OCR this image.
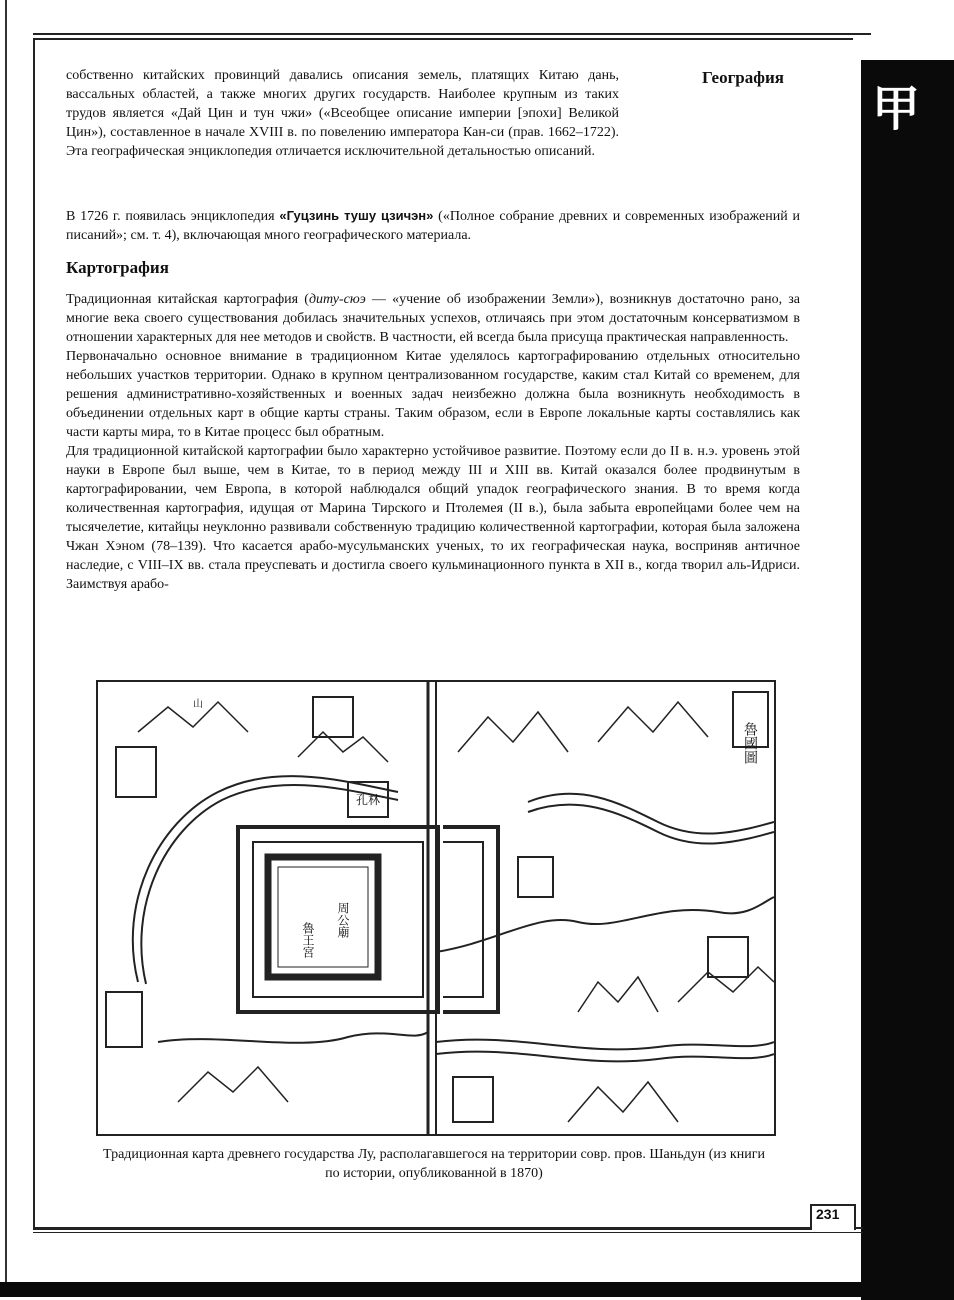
甲
География
собственно китайских провинций давались описания земель, платящих Китаю дань, вассальных областей, а также многих других государств. Наиболее крупным из таких трудов является «Дай Цин и тун чжи» («Всеобщее описание империи [эпохи] Великой Цин»), составленное в начале XVIII в. по повелению императора Кан-си (прав. 1662–1722). Эта географическая энциклопедия отличается исключительной детальностью описаний.
В 1726 г. появилась энциклопедия «Гуцзинь тушу цзичэн» («Полное собрание древних и современных изображений и писаний»; см. т. 4), включающая много географического материала.
Картография

Традиционная китайская картография (диту-сюэ — «учение об изображении Земли»), возникнув достаточно рано, за многие века своего существования добилась значительных успехов, отличаясь при этом достаточным консерватизмом в отношении характерных для нее методов и свойств. В частности, ей всегда была присуща практическая направленность.

Первоначально основное внимание в традиционном Китае уделялось картографированию отдельных относительно небольших участков территории. Однако в крупном централизованном государстве, каким стал Китай со временем, для решения административно-хозяйственных и военных задач неизбежно должна была возникнуть необходимость в объединении отдельных карт в общие карты страны. Таким образом, если в Европе локальные карты составлялись как части карты мира, то в Китае процесс был обратным.

Для традиционной китайской картографии было характерно устойчивое развитие. Поэтому если до II в. н.э. уровень этой науки в Европе был выше, чем в Китае, то в период между III и XIII вв. Китай оказался более продвинутым в картографировании, чем Европа, в которой наблюдался общий упадок географического знания. В то время когда количественная картография, идущая от Марина Тирского и Птолемея (II в.), была забыта европейцами более чем на тысячелетие, китайцы неуклонно развивали собственную традицию количественной картографии, которая была заложена Чжан Хэном (78–139). Что касается арабо-мусульманских ученых, то их географическая наука, восприняв античное наследие, с VIII–IX вв. стала преуспевать и достигла своего кульминационного пункта в XII в., когда творил аль-Идриси. Заимствуя арабо-

魯國圖
孔林
魯王宮
周公廟
山
Традиционная карта древнего государства Лу, располагавшегося на территории совр. пров. Шаньдун (из книги по истории, опубликованной в 1870)
231
